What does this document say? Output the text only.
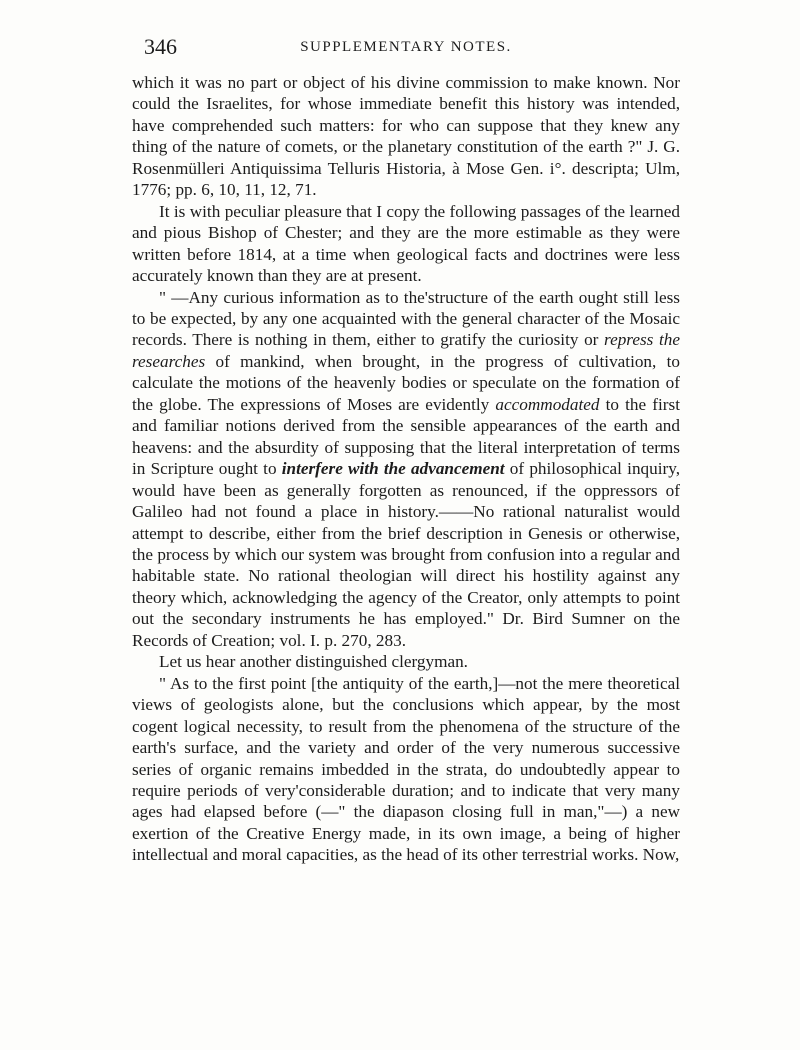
346	SUPPLEMENTARY NOTES.

which it was no part or object of his divine commission to make known. Nor could the Israelites, for whose immediate benefit this history was intended, have comprehended such matters: for who can suppose that they knew any thing of the nature of comets, or the planetary constitution of the earth ?" J. G. Rosenmülleri Antiquissima Telluris Historia, à Mose Gen. i°. descripta; Ulm, 1776; pp. 6, 10, 11, 12, 71.

It is with peculiar pleasure that I copy the following passages of the learned and pious Bishop of Chester; and they are the more estimable as they were written before 1814, at a time when geological facts and doctrines were less accurately known than they are at present.

" —Any curious information as to the'structure of the earth ought still less to be expected, by any one acquainted with the general character of the Mosaic records. There is nothing in them, either to gratify the curiosity or repress the researches of mankind, when brought, in the progress of cultivation, to calculate the motions of the heavenly bodies or speculate on the formation of the globe. The expressions of Moses are evidently accommodated to the first and familiar notions derived from the sensible appearances of the earth and heavens: and the absurdity of supposing that the literal interpretation of terms in Scripture ought to interfere with the advancement of philosophical inquiry, would have been as generally forgotten as renounced, if the oppressors of Galileo had not found a place in history.——No rational naturalist would attempt to describe, either from the brief description in Genesis or otherwise, the process by which our system was brought from confusion into a regular and habitable state. No rational theologian will direct his hostility against any theory which, acknowledging the agency of the Creator, only attempts to point out the secondary instruments he has employed." Dr. Bird Sumner on the Records of Creation; vol. I. p. 270, 283.

Let us hear another distinguished clergyman.

" As to the first point [the antiquity of the earth,]—not the mere theoretical views of geologists alone, but the conclusions which appear, by the most cogent logical necessity, to result from the phenomena of the structure of the earth's surface, and the variety and order of the very numerous successive series of organic remains imbedded in the strata, do undoubtedly appear to require periods of very'considerable duration; and to indicate that very many ages had elapsed before (—" the diapason closing full in man,"—) a new exertion of the Creative Energy made, in its own image, a being of higher intellectual and moral capacities, as the head of its other terrestrial works. Now,
